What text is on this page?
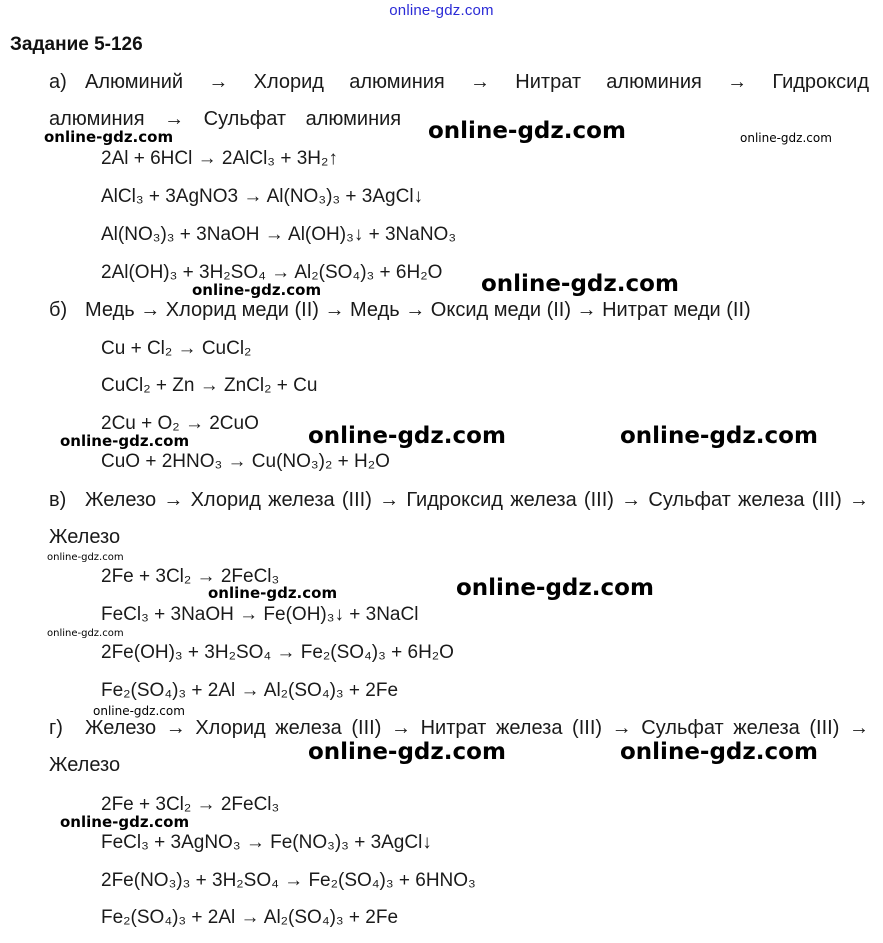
online-gdz.com
Задание 5-126
а) Алюминий → Хлорид алюминия → Нитрат алюминия → Гидроксид алюминия → Сульфат алюминия
2Al + 6HCl → 2AlCl₃ + 3H₂↑
AlCl₃ + 3AgNO3 → Al(NO₃)₃ + 3AgCl↓
Al(NO₃)₃ + 3NaOH → Al(OH)₃↓ + 3NaNO₃
2Al(OH)₃ + 3H₂SO₄ → Al₂(SO₄)₃ + 6H₂O
б) Медь → Хлорид меди (II) → Медь → Оксид меди (II) → Нитрат меди (II)
Cu + Cl₂ → CuCl₂
CuCl₂ + Zn → ZnCl₂ + Cu
2Cu + O₂ → 2CuO
CuO + 2HNO₃ → Cu(NO₃)₂ + H₂O
в) Железо → Хлорид железа (III) → Гидроксид железа (III) → Сульфат железа (III) → Железо
2Fe + 3Cl₂ → 2FeCl₃
FeCl₃ + 3NaOH → Fe(OH)₃↓ + 3NaCl
2Fe(OH)₃ + 3H₂SO₄ → Fe₂(SO₄)₃ + 6H₂O
Fe₂(SO₄)₃ + 2Al → Al₂(SO₄)₃ + 2Fe
г) Железо → Хлорид железа (III) → Нитрат железа (III) → Сульфат железа (III) → Железо
2Fe + 3Cl₂ → 2FeCl₃
FeCl₃ + 3AgNO₃ → Fe(NO₃)₃ + 3AgCl↓
2Fe(NO₃)₃ + 3H₂SO₄ → Fe₂(SO₄)₃ + 6HNO₃
Fe₂(SO₄)₃ + 2Al → Al₂(SO₄)₃ + 2Fe
online-gdz.com	online-gdz.com	online-gdz.com
online-gdz.com
online-gdz.com
online-gdz.com	online-gdz.com
online-gdz.com
online-gdz.com
online-gdz.com
online-gdz.com
online-gdz.com
online-gdz.com
online-gdz.com	online-gdz.com
online-gdz.com
